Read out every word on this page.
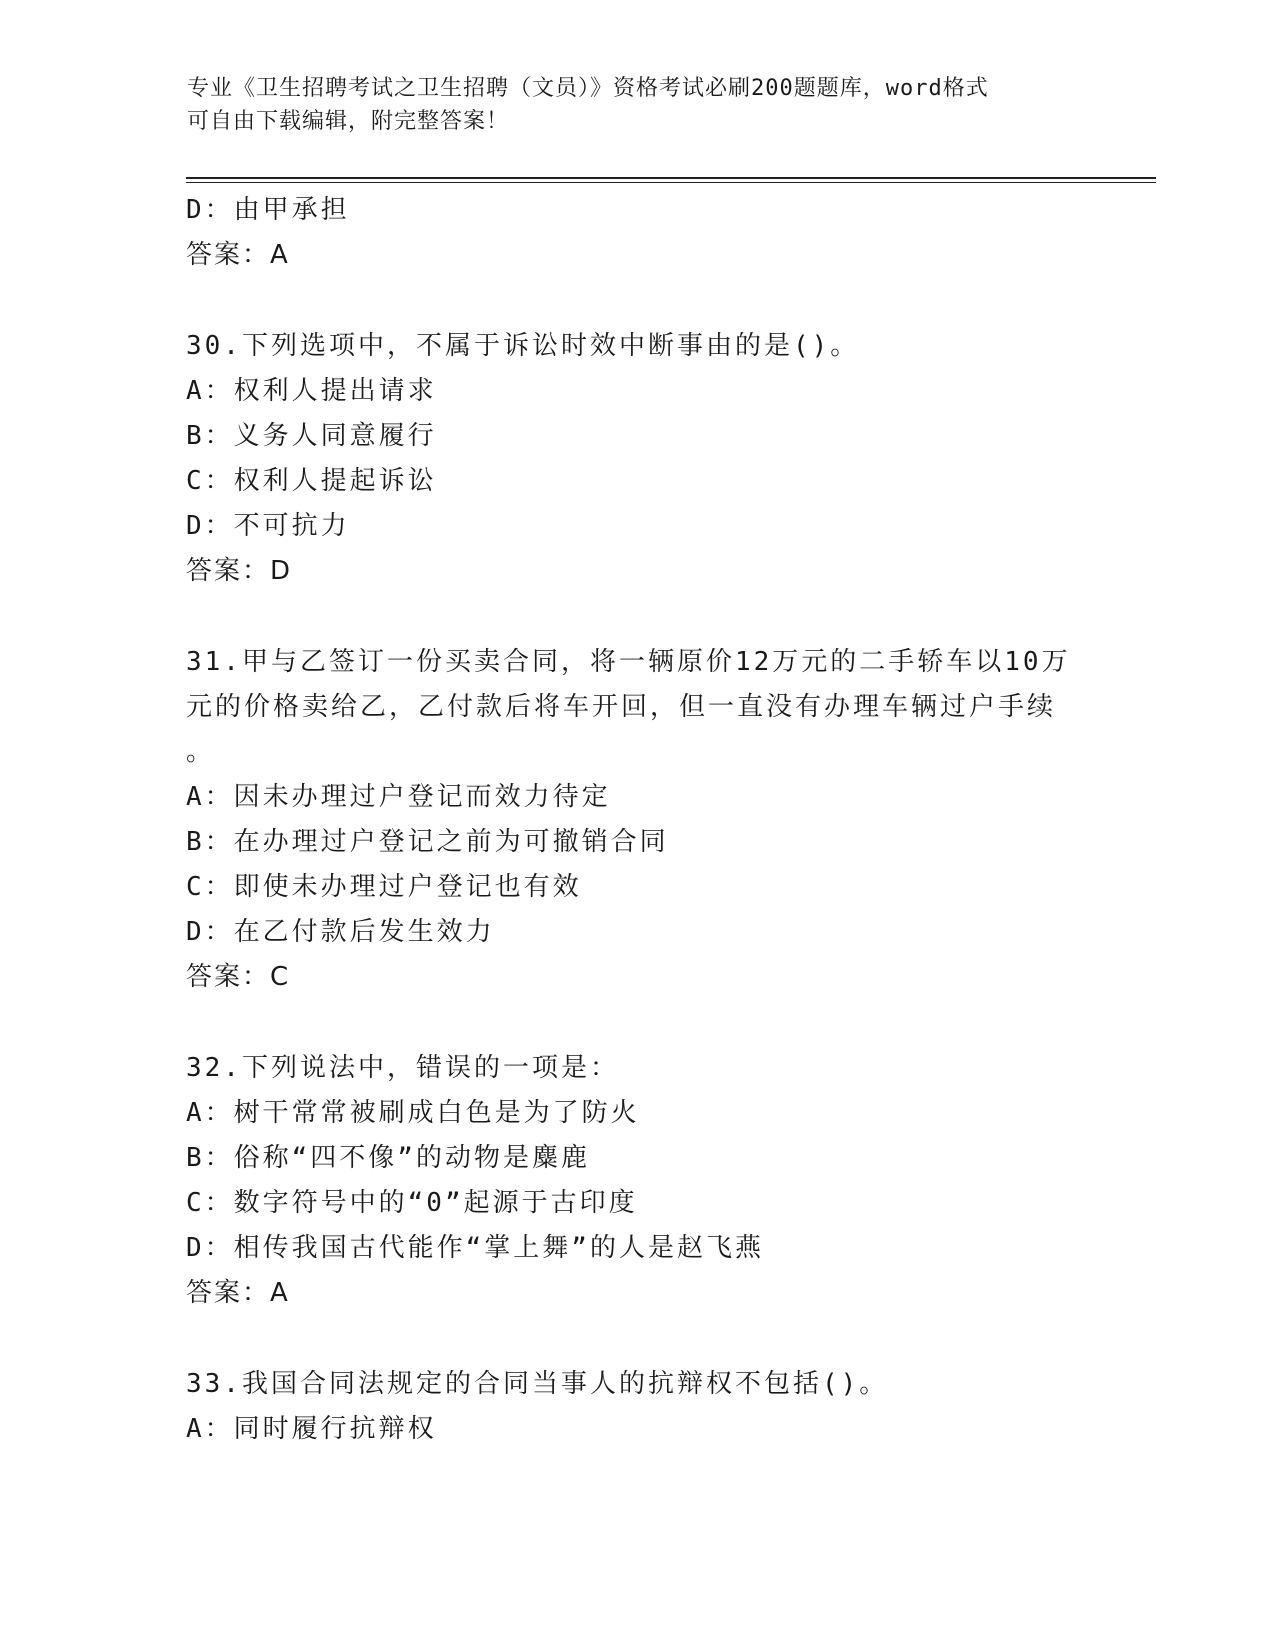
专业《卫生招聘考试之卫生招聘（文员）》资格考试必刷200题题库，word格式
可自由下载编辑，附完整答案！
D：由甲承担
答案：A
30.下列选项中，不属于诉讼时效中断事由的是()。
A：权利人提出请求
B：义务人同意履行
C：权利人提起诉讼
D：不可抗力
答案：D
31.甲与乙签订一份买卖合同，将一辆原价12万元的二手轿车以10万
元的价格卖给乙，乙付款后将车开回，但一直没有办理车辆过户手续
。
A：因未办理过户登记而效力待定
B：在办理过户登记之前为可撤销合同
C：即使未办理过户登记也有效
D：在乙付款后发生效力
答案：C
32.下列说法中，错误的一项是：
A：树干常常被刷成白色是为了防火
B：俗称“四不像”的动物是麋鹿
C：数字符号中的“0”起源于古印度
D：相传我国古代能作“掌上舞”的人是赵飞燕
答案：A
33.我国合同法规定的合同当事人的抗辩权不包括()。
A：同时履行抗辩权
